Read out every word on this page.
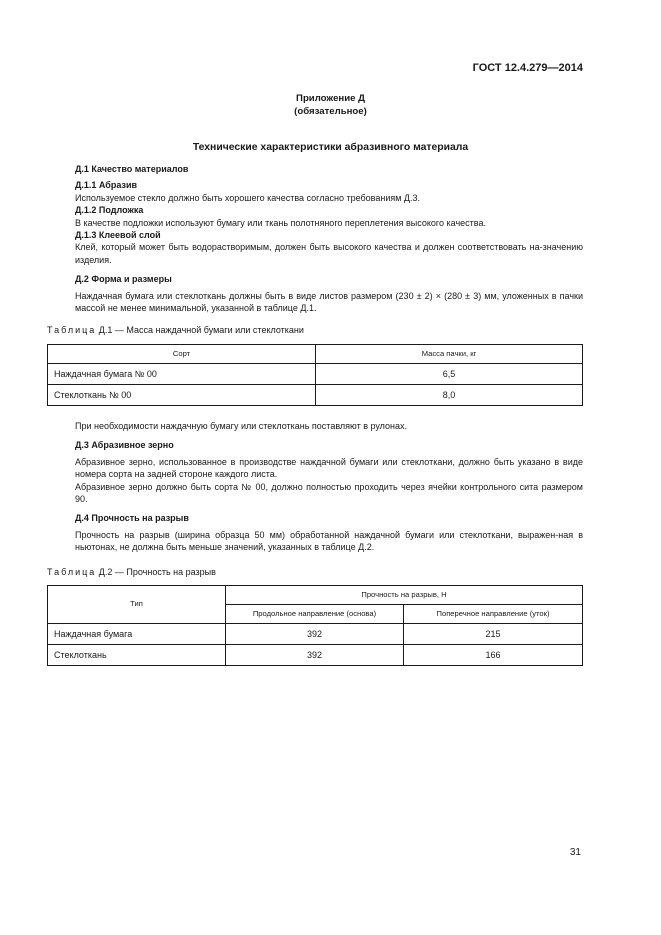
ГОСТ 12.4.279—2014
Приложение Д
(обязательное)
Технические характеристики абразивного материала

Д.1 Качество материалов

Д.1.1 Абразив

Используемое стекло должно быть хорошего качества согласно требованиям Д.3.

Д.1.2 Подложка

В качестве подложки используют бумагу или ткань полотняного переплетения высокого качества.

Д.1.3 Клеевой слой

Клей, который может быть водорастворимым, должен быть высокого качества и должен соответствовать на-значению изделия.

Д.2 Форма и размеры

Наждачная бумага или стеклоткань должны быть в виде листов размером (230 ± 2) × (280 ± 3) мм, уложенных в пачки массой не менее минимальной, указанной в таблице Д.1.

Таблица Д.1 — Масса наждачной бумаги или стеклоткани
Сорт	Масса пачки, кг
Наждачная бумага № 00	6,5
Стеклоткань № 00	8,0

При необходимости наждачную бумагу или стеклоткань поставляют в рулонах.

Д.3 Абразивное зерно

Абразивное зерно, использованное в производстве наждачной бумаги или стеклоткани, должно быть указано в виде номера сорта на задней стороне каждого листа.

Абразивное зерно должно быть сорта № 00, должно полностью проходить через ячейки контрольного сита размером 90.

Д.4 Прочность на разрыв

Прочность на разрыв (ширина образца 50 мм) обработанной наждачной бумаги или стеклоткани, выражен-ная в ньютонах, не должна быть меньше значений, указанных в таблице Д.2.

Таблица Д.2 — Прочность на разрыв
Тип	Прочность на разрыв, Н	
	Продольное направление (основа)	Поперечное направление (уток)
Наждачная бумага	392	215
Стеклоткань	392	166
31
